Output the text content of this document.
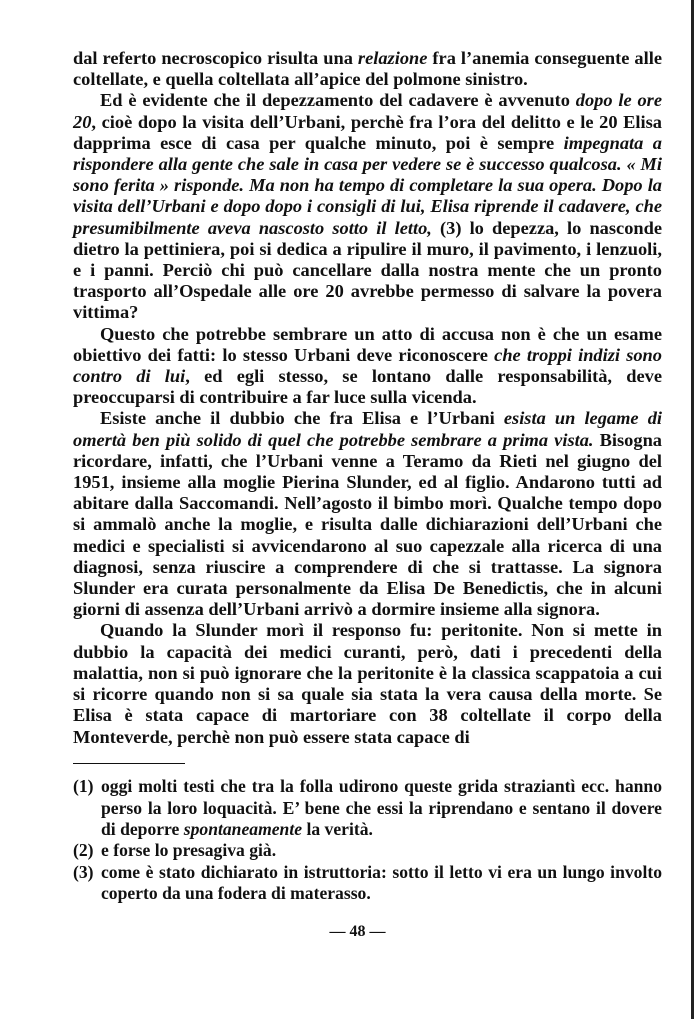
dal referto necroscopico risulta una relazione fra l’anemia conseguente alle coltellate, e quella coltellata all’apice del polmone sinistro.

Ed è evidente che il depezzamento del cadavere è avvenuto dopo le ore 20, cioè dopo la visita dell’Urbani, perchè fra l’ora del delitto e le 20 Elisa dapprima esce di casa per qualche minuto, poi è sempre impegnata a rispondere alla gente che sale in casa per vedere se è successo qualcosa. « Mi sono ferita » risponde. Ma non ha tempo di completare la sua opera. Dopo la visita dell’Urbani e dopo dopo i consigli di lui, Elisa riprende il cadavere, che presumibilmente aveva nascosto sotto il letto, (3) lo depezza, lo nasconde dietro la pettiniera, poi si dedica a ripulire il muro, il pavimento, i lenzuoli, e i panni. Perciò chi può cancellare dalla nostra mente che un pronto trasporto all’Ospedale alle ore 20 avrebbe permesso di salvare la povera vittima?

Questo che potrebbe sembrare un atto di accusa non è che un esame obiettivo dei fatti: lo stesso Urbani deve riconoscere che troppi indizi sono contro di lui, ed egli stesso, se lontano dalle responsabilità, deve preoccuparsi di contribuire a far luce sulla vicenda.

Esiste anche il dubbio che fra Elisa e l’Urbani esista un legame di omertà ben più solido di quel che potrebbe sembrare a prima vista. Bisogna ricordare, infatti, che l’Urbani venne a Teramo da Rieti nel giugno del 1951, insieme alla moglie Pierina Slunder, ed al figlio. Andarono tutti ad abitare dalla Saccomandi. Nell’agosto il bimbo morì. Qualche tempo dopo si ammalò anche la moglie, e risulta dalle dichiarazioni dell’Urbani che medici e specialisti si avvicendarono al suo capezzale alla ricerca di una diagnosi, senza riuscire a comprendere di che si trattasse. La signora Slunder era curata personalmente da Elisa De Benedictis, che in alcuni giorni di assenza dell’Urbani arrivò a dormire insieme alla signora.

Quando la Slunder morì il responso fu: peritonite. Non si mette in dubbio la capacità dei medici curanti, però, dati i precedenti della malattia, non si può ignorare che la peritonite è la classica scappatoia a cui si ricorre quando non si sa quale sia stata la vera causa della morte. Se Elisa è stata capace di martoriare con 38 coltellate il corpo della Monteverde, perchè non può essere stata capace di

(1) oggi molti testi che tra la folla udirono queste grida straziantì ecc. hanno perso la loro loquacità. E’ bene che essi la riprendano e sentano il dovere di deporre spontaneamente la verità.
(2) e forse lo presagiva già.
(3) come è stato dichiarato in istruttoria: sotto il letto vi era un lungo involto coperto da una fodera di materasso.
— 48 —
